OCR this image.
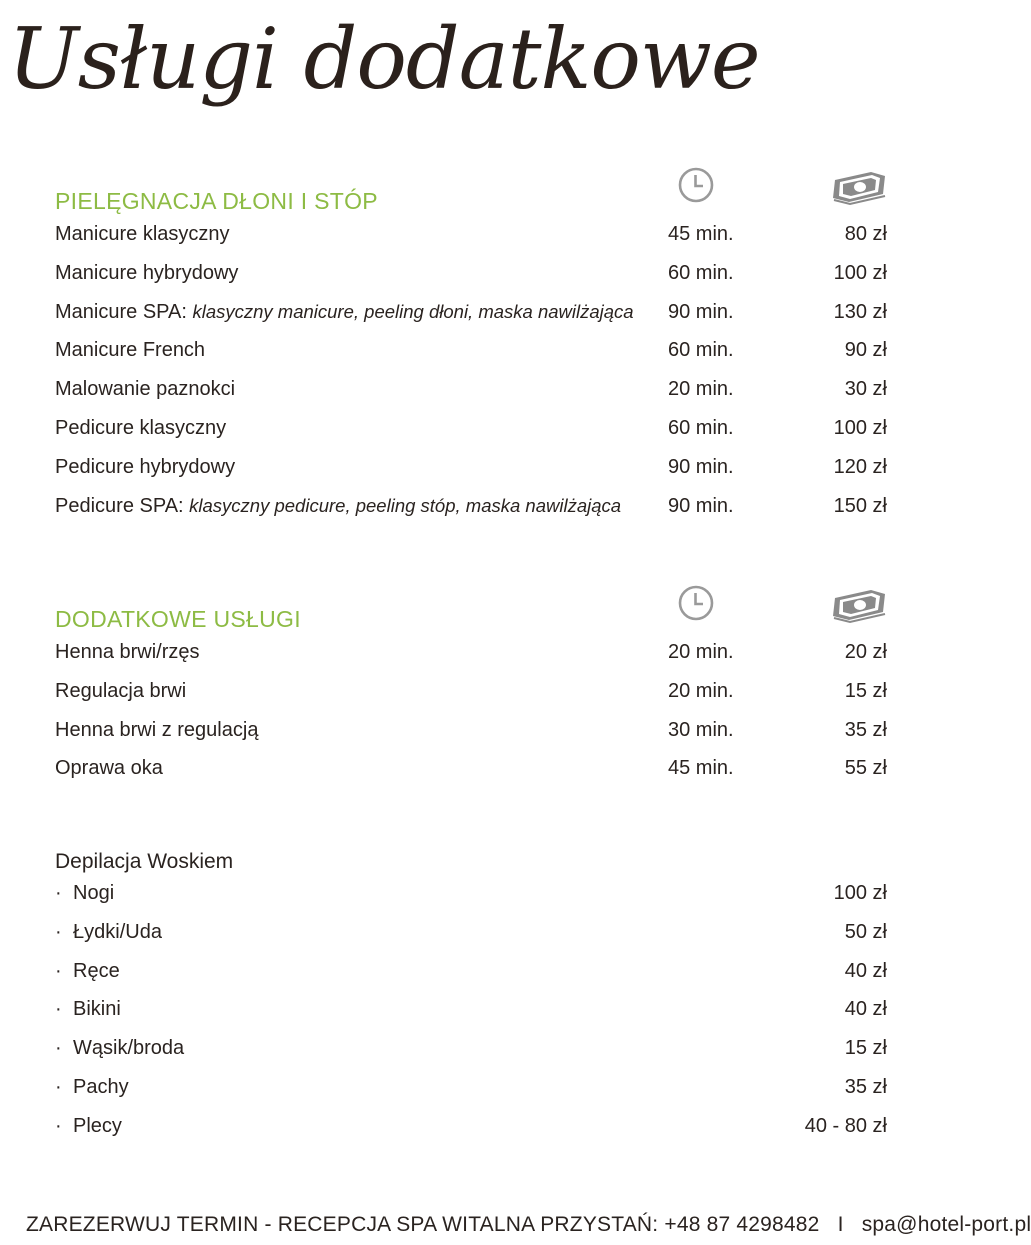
Usługi dodatkowe
PIELĘGNACJA DŁONI I STÓP
Manicure klasyczny	45 min.	80 zł
Manicure hybrydowy	60 min.	100 zł
Manicure SPA: klasyczny manicure, peeling dłoni, maska nawilżająca 90 min.	130 zł
Manicure French	60 min.	90 zł
Malowanie paznokci	20 min.	30 zł
Pedicure klasyczny	60 min.	100 zł
Pedicure hybrydowy	90 min.	120 zł
Pedicure SPA: klasyczny pedicure, peeling stóp, maska nawilżająca 90 min.	150 zł
DODATKOWE USŁUGI
Henna brwi/rzęs	20 min.	20 zł
Regulacja brwi	20 min.	15 zł
Henna brwi z regulacją	30 min.	35 zł
Oprawa oka	45 min.	55 zł
Depilacja Woskiem
· Nogi	100 zł
· Łydki/Uda	50 zł
· Ręce	40 zł
· Bikini	40 zł
· Wąsik/broda	15 zł
· Pachy	35 zł
· Plecy	40 - 80 zł
ZAREZERWUJ TERMIN - RECEPCJA SPA WITALNA PRZYSTAŃ: +48 87 4298482 I spa@hotel-port.pl
